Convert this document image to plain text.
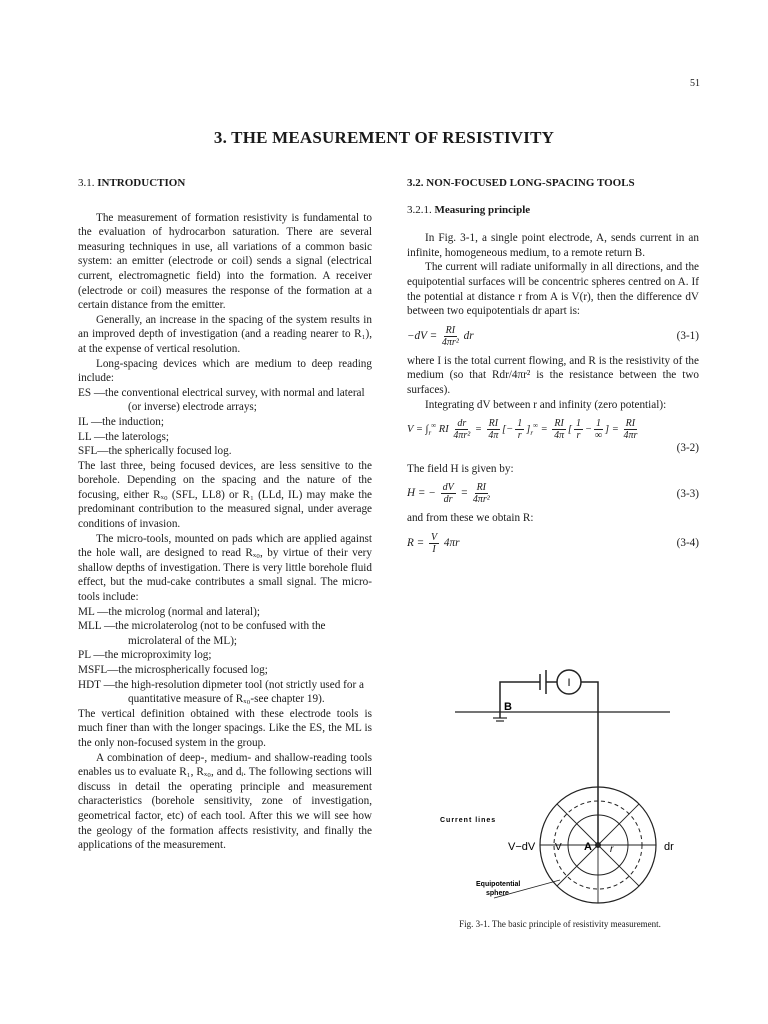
51
3. THE MEASUREMENT OF RESISTIVITY

3.1. INTRODUCTION

The measurement of formation resistivity is fundamental to the evaluation of hydrocarbon saturation. There are several measuring techniques in use, all variations of a common basic system: an emitter (electrode or coil) sends a signal (electrical current, electromagnetic field) into the formation. A receiver (electrode or coil) measures the response of the formation at a certain distance from the emitter.

Generally, an increase in the spacing of the system results in an improved depth of investigation (and a reading nearer to R₁), at the expense of vertical resolution.

Long-spacing devices which are medium to deep reading include:

ES —the conventional electrical survey, with normal and lateral (or inverse) electrode arrays;

IL —the induction;

LL —the laterologs;

SFL—the spherically focused log.

The last three, being focused devices, are less sensitive to the borehole. Depending on the spacing and the nature of the focusing, either Rₓ₀ (SFL, LL8) or R₁ (LLd, IL) may make the predominant contribution to the measured signal, under average conditions of invasion.

The micro-tools, mounted on pads which are applied against the hole wall, are designed to read Rₓ₀, by virtue of their very shallow depths of investigation. There is very little borehole fluid effect, but the mud-cake contributes a small signal. The micro-tools include:

ML —the microlog (normal and lateral);

MLL —the microlaterolog (not to be confused with the microlateral of the ML);

PL —the microproximity log;

MSFL—the microspherically focused log;

HDT —the high-resolution dipmeter tool (not strictly used for a quantitative measure of Rₓ₀-see chapter 19).

The vertical definition obtained with these electrode tools is much finer than with the longer spacings. Like the ES, the ML is the only non-focused system in the group.

A combination of deep-, medium- and shallow-reading tools enables us to evaluate R₁, Rₓ₀, and dᵢ. The following sections will discuss in detail the operating principle and measurement characteristics (borehole sensitivity, zone of investigation, geometrical factor, etc) of each tool. After this we will see how the geology of the formation affects resistivity, and finally the applications of the measurement.

3.2. NON-FOCUSED LONG-SPACING TOOLS

3.2.1. Measuring principle

In Fig. 3-1, a single point electrode, A, sends current in an infinite, homogeneous medium, to a remote return B.

The current will radiate uniformally in all directions, and the equipotential surfaces will be concentric spheres centred on A. If the potential at distance r from A is V(r), then the difference dV between two equipotentials dr apart is:

$-dV = \frac{RI}{\text{4πr²}}$ dr	(3-1)

where I is the total current flowing, and R is the resistivity of the medium (so that Rdr/4πr² is the resistance between the two surfaces).

Integrating dV between r and infinity (zero potential):

$V = \int_r^\infty$ RI $\frac{dr}{\text{4πr²}} = \frac{RI}{4\pi}$ [− $\frac{1}{r} ]_r^\infty = \frac{RI}{4\pi}$ [ $\frac{1}{r} - \frac{1}{\infty}$ ] = $\frac{RI}{4\pi r}$
(3-2)

The field H is given by:

H = − $\frac{dV}{dr} = \frac{RI}{\text{4πr²}}$	(3-3)

and from these we obtain R:

$R = \frac{V}{I} 4\pi r$	(3-4)
I
B
A r	dr
V−dV V
Current lines
Equipotential
sphere
Fig. 3-1. The basic principle of resistivity measurement.
